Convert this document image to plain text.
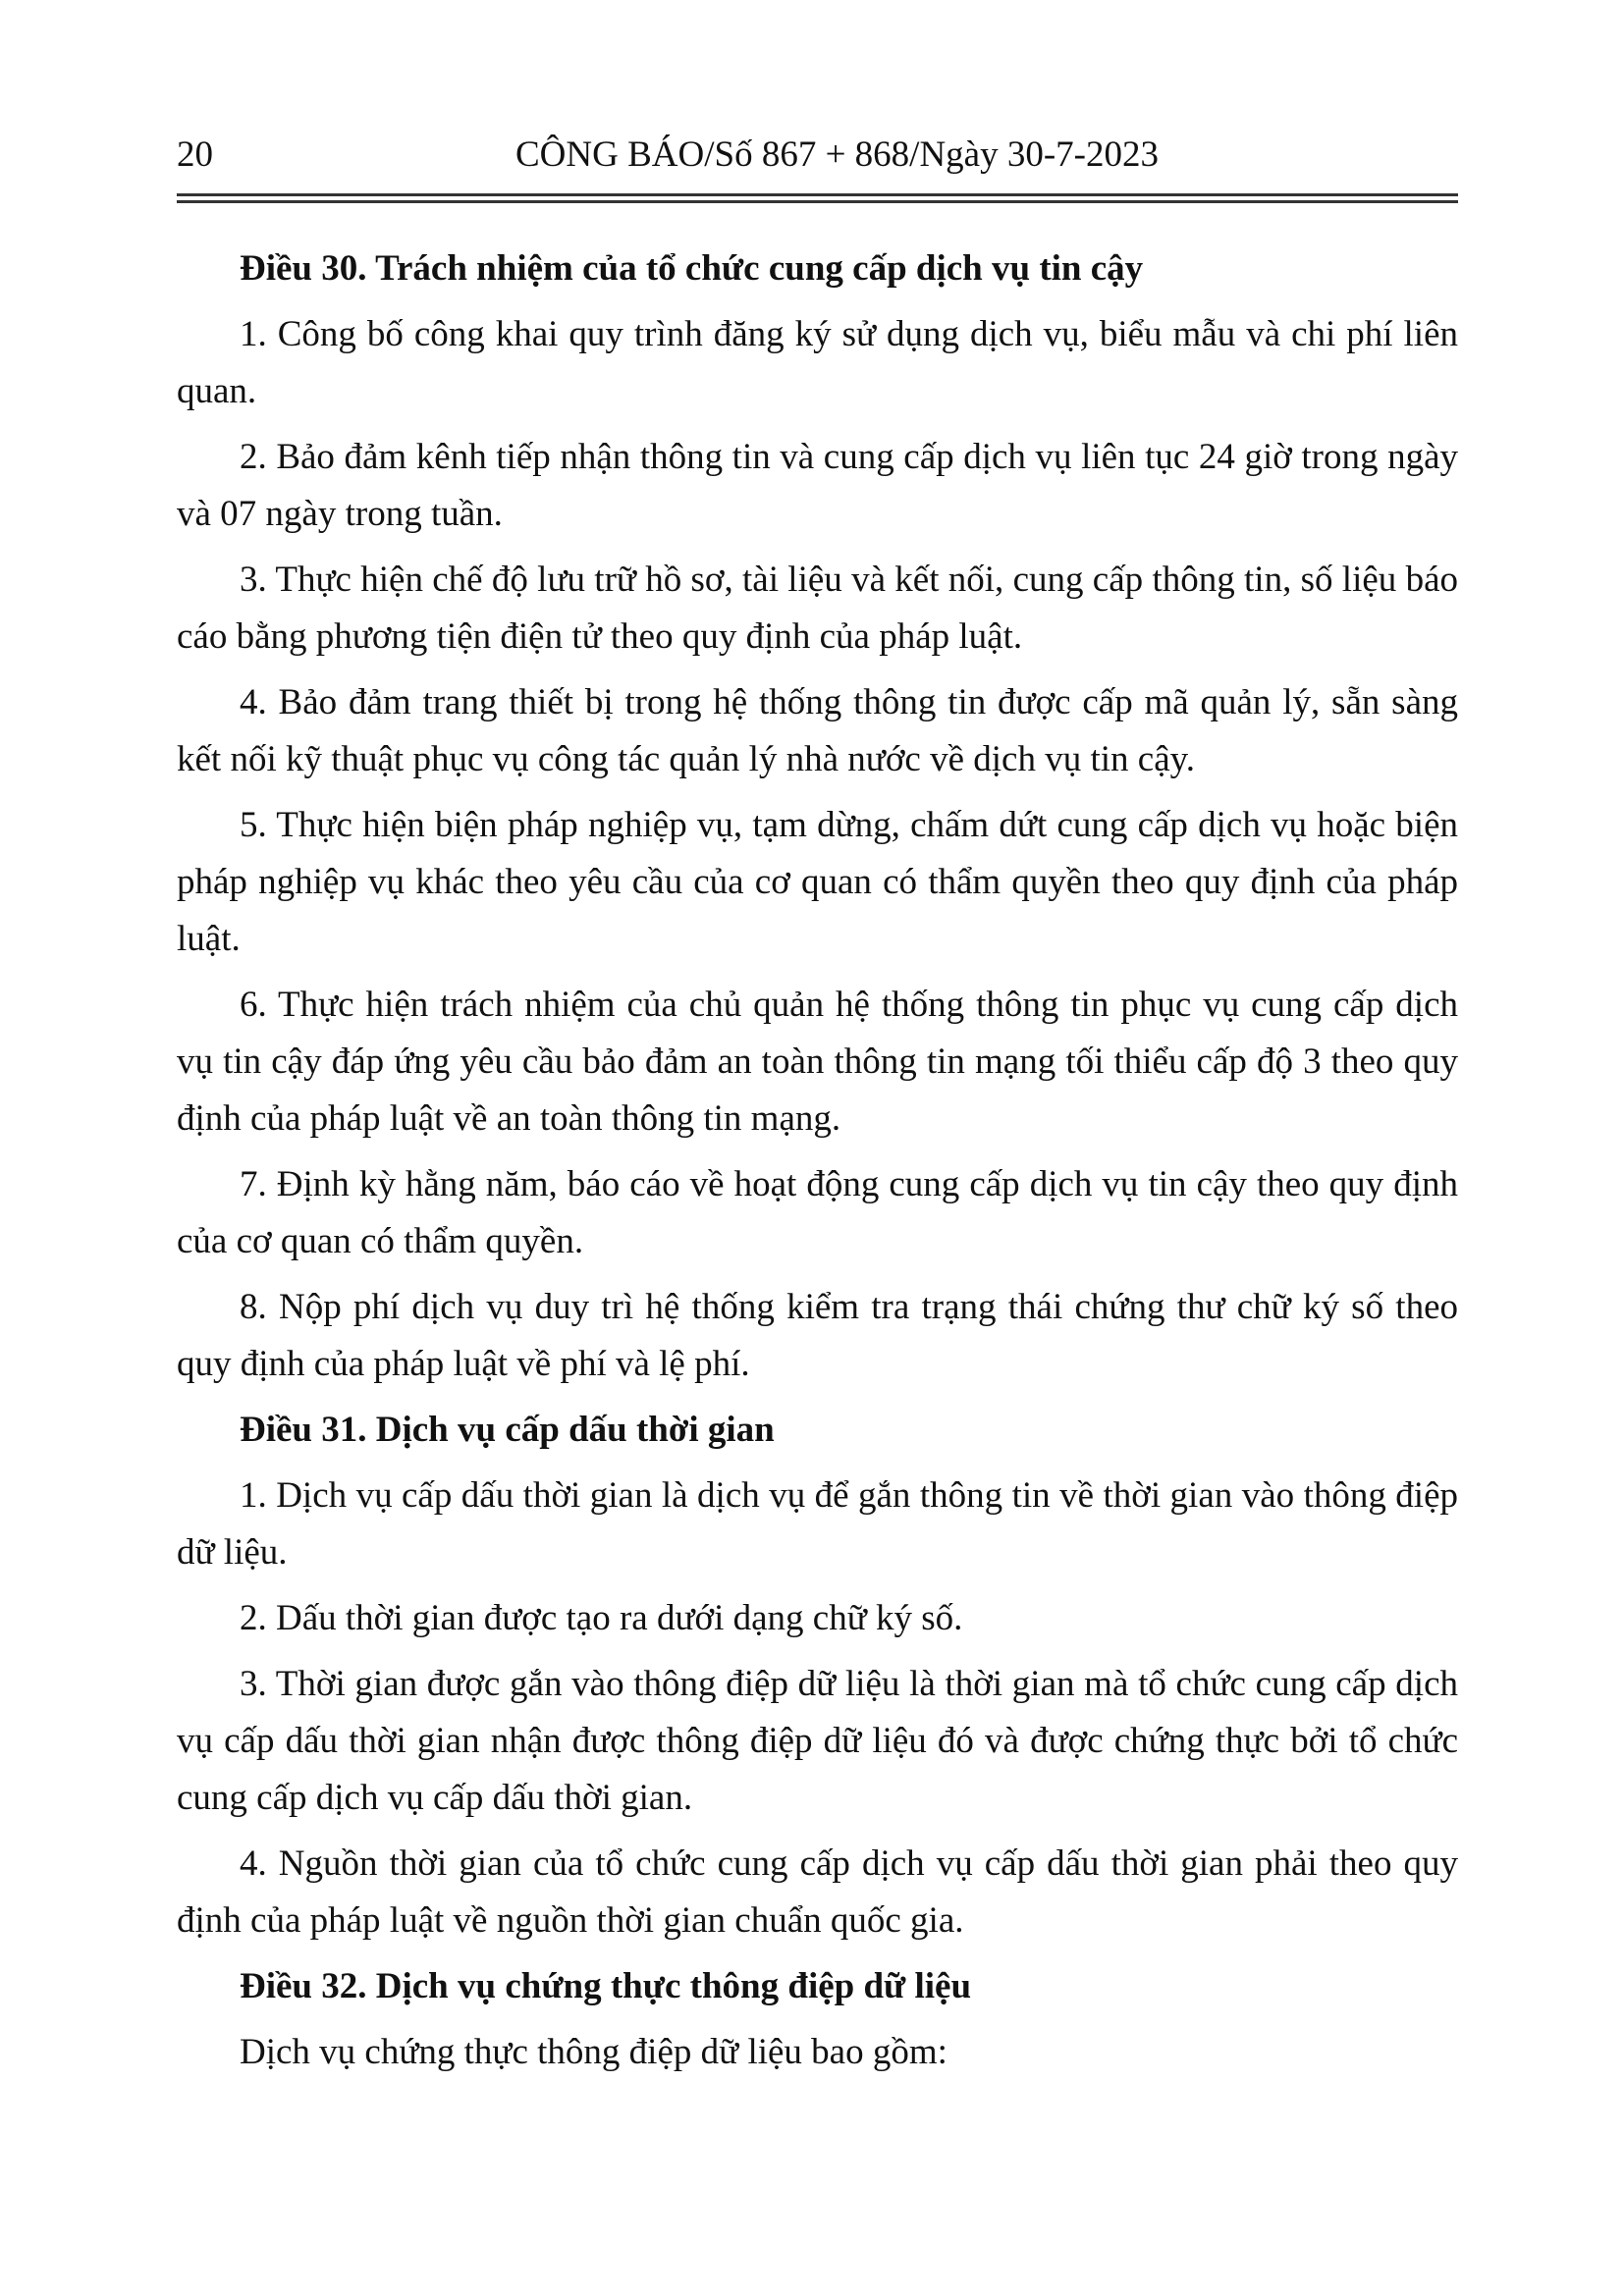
20	CÔNG BÁO/Số 867 + 868/Ngày 30-7-2023
Điều 30. Trách nhiệm của tổ chức cung cấp dịch vụ tin cậy

1. Công bố công khai quy trình đăng ký sử dụng dịch vụ, biểu mẫu và chi phí liên quan.

2. Bảo đảm kênh tiếp nhận thông tin và cung cấp dịch vụ liên tục 24 giờ trong ngày và 07 ngày trong tuần.

3. Thực hiện chế độ lưu trữ hồ sơ, tài liệu và kết nối, cung cấp thông tin, số liệu báo cáo bằng phương tiện điện tử theo quy định của pháp luật.

4. Bảo đảm trang thiết bị trong hệ thống thông tin được cấp mã quản lý, sẵn sàng kết nối kỹ thuật phục vụ công tác quản lý nhà nước về dịch vụ tin cậy.

5. Thực hiện biện pháp nghiệp vụ, tạm dừng, chấm dứt cung cấp dịch vụ hoặc biện pháp nghiệp vụ khác theo yêu cầu của cơ quan có thẩm quyền theo quy định của pháp luật.

6. Thực hiện trách nhiệm của chủ quản hệ thống thông tin phục vụ cung cấp dịch vụ tin cậy đáp ứng yêu cầu bảo đảm an toàn thông tin mạng tối thiểu cấp độ 3 theo quy định của pháp luật về an toàn thông tin mạng.

7. Định kỳ hằng năm, báo cáo về hoạt động cung cấp dịch vụ tin cậy theo quy định của cơ quan có thẩm quyền.

8. Nộp phí dịch vụ duy trì hệ thống kiểm tra trạng thái chứng thư chữ ký số theo quy định của pháp luật về phí và lệ phí.

Điều 31. Dịch vụ cấp dấu thời gian

1. Dịch vụ cấp dấu thời gian là dịch vụ để gắn thông tin về thời gian vào thông điệp dữ liệu.

2. Dấu thời gian được tạo ra dưới dạng chữ ký số.

3. Thời gian được gắn vào thông điệp dữ liệu là thời gian mà tổ chức cung cấp dịch vụ cấp dấu thời gian nhận được thông điệp dữ liệu đó và được chứng thực bởi tổ chức cung cấp dịch vụ cấp dấu thời gian.

4. Nguồn thời gian của tổ chức cung cấp dịch vụ cấp dấu thời gian phải theo quy định của pháp luật về nguồn thời gian chuẩn quốc gia.

Điều 32. Dịch vụ chứng thực thông điệp dữ liệu

Dịch vụ chứng thực thông điệp dữ liệu bao gồm:
